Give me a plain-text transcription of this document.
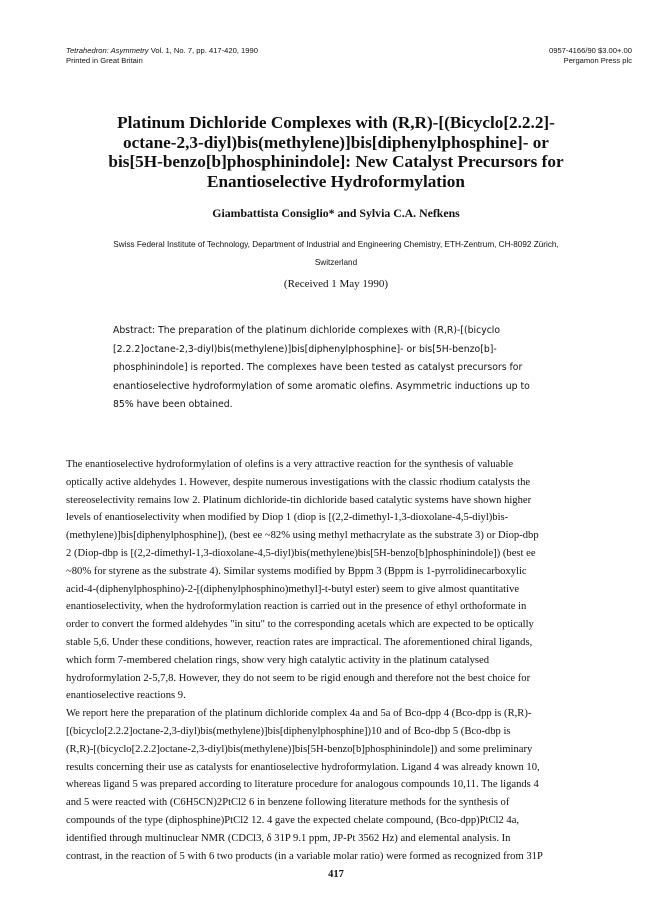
Tetrahedron: Asymmetry Vol. 1, No. 7, pp. 417-420, 1990
Printed in Great Britain
0957-4166/90 $3.00+.00
Pergamon Press plc
Platinum Dichloride Complexes with (R,R)-[(Bicyclo[2.2.2]-
octane-2,3-diyl)bis(methylene)]bis[diphenylphosphine]- or
bis[5H-benzo[b]phosphinindole]: New Catalyst Precursors for
Enantioselective Hydroformylation
Giambattista Consiglio* and Sylvia C.A. Nefkens
Swiss Federal Institute of Technology, Department of Industrial and Engineering Chemistry, ETH-Zentrum, CH-8092 Zürich,
Switzerland
(Received 1 May 1990)
Abstract: The preparation of the platinum dichloride complexes with (R,R)-[(bicyclo
[2.2.2]octane-2,3-diyl)bis(methylene)]bis[diphenylphosphine]- or bis[5H-benzo[b]-
phosphinindole] is reported. The complexes have been tested as catalyst precursors for
enantioselective hydroformylation of some aromatic olefins. Asymmetric inductions up to
85% have been obtained.
The enantioselective hydroformylation of olefins is a very attractive reaction for the synthesis of valuable
optically active aldehydes 1. However, despite numerous investigations with the classic rhodium catalysts the
stereoselectivity remains low 2. Platinum dichloride-tin dichloride based catalytic systems have shown higher
levels of enantioselectivity when modified by Diop 1 (diop is [(2,2-dimethyl-1,3-dioxolane-4,5-diyl)bis-
(methylene)]bis[diphenylphosphine]), (best ee ~82% using methyl methacrylate as the substrate 3) or Diop-dbp
2 (Diop-dbp is [(2,2-dimethyl-1,3-dioxolane-4,5-diyl)bis(methylene)bis[5H-benzo[b]phosphinindole]) (best ee
~80% for styrene as the substrate 4). Similar systems modified by Bppm 3 (Bppm is 1-pyrrolidinecarboxylic
acid-4-(diphenylphosphino)-2-[(diphenylphosphino)methyl]-t-butyl ester) seem to give almost quantitative
enantioselectivity, when the hydroformylation reaction is carried out in the presence of ethyl orthoformate in
order to convert the formed aldehydes "in situ" to the corresponding acetals which are expected to be optically
stable 5,6. Under these conditions, however, reaction rates are impractical. The aforementioned chiral ligands,
which form 7-membered chelation rings, show very high catalytic activity in the platinum catalysed
hydroformylation 2-5,7,8. However, they do not seem to be rigid enough and therefore not the best choice for
enantioselective reactions 9.
We report here the preparation of the platinum dichloride complex 4a and 5a of Bco-dpp 4 (Bco-dpp is (R,R)-
[(bicyclo[2.2.2]octane-2,3-diyl)bis(methylene)]bis[diphenylphosphine])10 and of Bco-dbp 5 (Bco-dbp is
(R,R)-[(bicyclo[2.2.2]octane-2,3-diyl)bis(methylene)]bis[5H-benzo[b]phosphinindole]) and some preliminary
results concerning their use as catalysts for enantioselective hydroformylation. Ligand 4 was already known 10,
whereas ligand 5 was prepared according to literature procedure for analogous compounds 10,11. The ligands 4
and 5 were reacted with (C6H5CN)2PtCl2 6 in benzene following literature methods for the synthesis of
compounds of the type (diphosphine)PtCl2 12. 4 gave the expected chelate compound, (Bco-dpp)PtCl2 4a,
identified through multinuclear NMR (CDCl3, δ 31P 9.1 ppm, JP-Pt 3562 Hz) and elemental analysis. In
contrast, in the reaction of 5 with 6 two products (in a variable molar ratio) were formed as recognized from 31P
417
